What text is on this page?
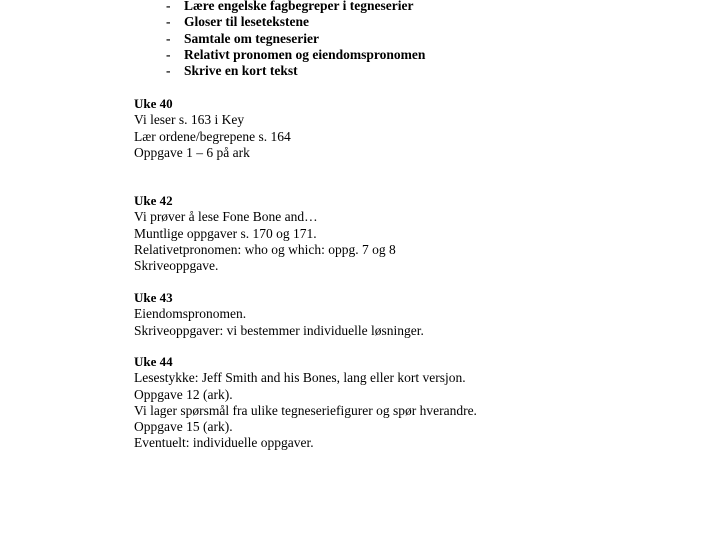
- Lære engelske fagbegreper i tegneserier
- Gloser til lesetekstene
- Samtale om tegneserier
- Relativt pronomen og eiendomspronomen
- Skrive en kort tekst
Uke 40
Vi leser s. 163 i Key
Lær ordene/begrepene s. 164
Oppgave 1 – 6 på ark
Uke 42
Vi prøver å lese Fone Bone and…
Muntlige oppgaver s. 170 og 171.
Relativetpronomen: who og which: oppg. 7 og 8
Skriveoppgave.
Uke 43
Eiendomspronomen.
Skriveoppgaver: vi bestemmer individuelle løsninger.
Uke 44
Lesestykke: Jeff Smith and his Bones, lang eller kort versjon.
Oppgave 12 (ark).
Vi lager spørsmål fra ulike tegneseriefigurer og spør hverandre.
Oppgave 15 (ark).
Eventuelt: individuelle oppgaver.
